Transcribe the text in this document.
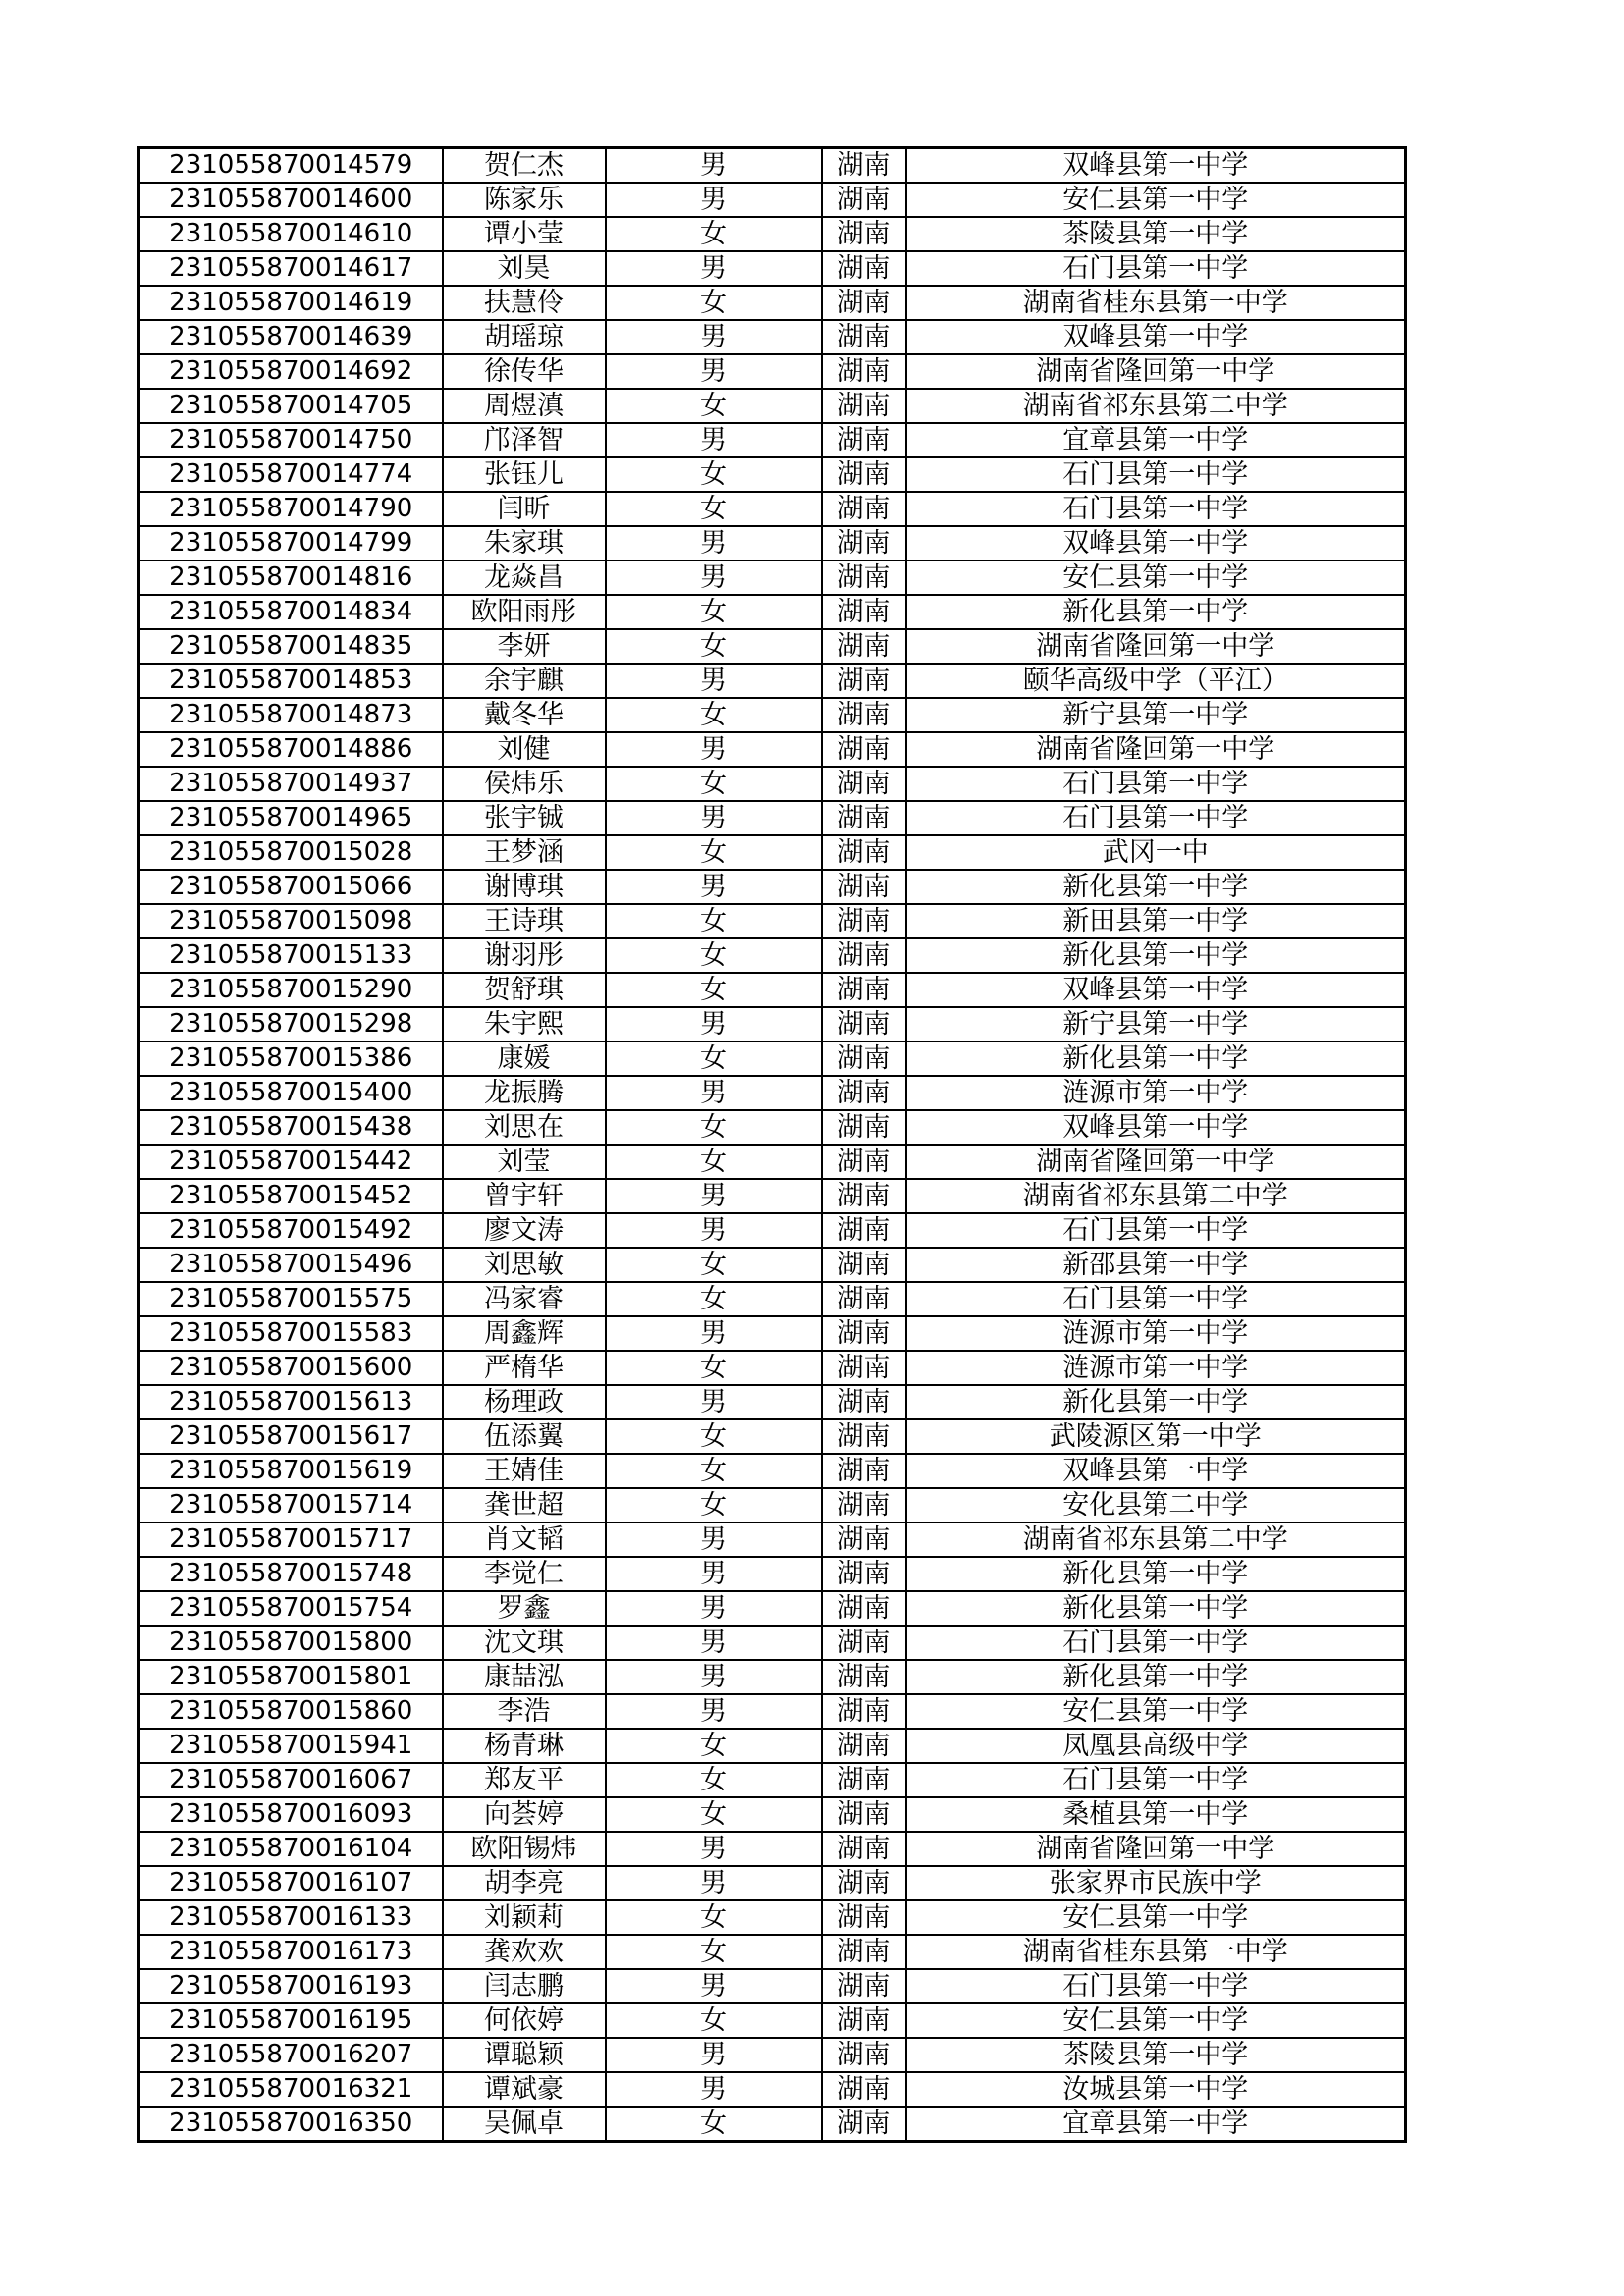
231055870014579	贺仁杰	男	湖南	双峰县第一中学
231055870014600	陈家乐	男	湖南	安仁县第一中学
231055870014610	谭小莹	女	湖南	茶陵县第一中学
231055870014617	刘昊	男	湖南	石门县第一中学
231055870014619	扶慧伶	女	湖南	湖南省桂东县第一中学
231055870014639	胡瑶琼	男	湖南	双峰县第一中学
231055870014692	徐传华	男	湖南	湖南省隆回第一中学
231055870014705	周煜滇	女	湖南	湖南省祁东县第二中学
231055870014750	邝泽智	男	湖南	宜章县第一中学
231055870014774	张钰儿	女	湖南	石门县第一中学
231055870014790	闫昕	女	湖南	石门县第一中学
231055870014799	朱家琪	男	湖南	双峰县第一中学
231055870014816	龙焱昌	男	湖南	安仁县第一中学
231055870014834	欧阳雨彤	女	湖南	新化县第一中学
231055870014835	李妍	女	湖南	湖南省隆回第一中学
231055870014853	余宇麒	男	湖南	颐华高级中学（平江）
231055870014873	戴冬华	女	湖南	新宁县第一中学
231055870014886	刘健	男	湖南	湖南省隆回第一中学
231055870014937	侯炜乐	女	湖南	石门县第一中学
231055870014965	张宇铖	男	湖南	石门县第一中学
231055870015028	王梦涵	女	湖南	武冈一中
231055870015066	谢博琪	男	湖南	新化县第一中学
231055870015098	王诗琪	女	湖南	新田县第一中学
231055870015133	谢羽彤	女	湖南	新化县第一中学
231055870015290	贺舒琪	女	湖南	双峰县第一中学
231055870015298	朱宇熙	男	湖南	新宁县第一中学
231055870015386	康媛	女	湖南	新化县第一中学
231055870015400	龙振腾	男	湖南	涟源市第一中学
231055870015438	刘思在	女	湖南	双峰县第一中学
231055870015442	刘莹	女	湖南	湖南省隆回第一中学
231055870015452	曾宇轩	男	湖南	湖南省祁东县第二中学
231055870015492	廖文涛	男	湖南	石门县第一中学
231055870015496	刘思敏	女	湖南	新邵县第一中学
231055870015575	冯家睿	女	湖南	石门县第一中学
231055870015583	周鑫辉	男	湖南	涟源市第一中学
231055870015600	严楕华	女	湖南	涟源市第一中学
231055870015613	杨理政	男	湖南	新化县第一中学
231055870015617	伍添翼	女	湖南	武陵源区第一中学
231055870015619	王婧佳	女	湖南	双峰县第一中学
231055870015714	龚世超	女	湖南	安化县第二中学
231055870015717	肖文韬	男	湖南	湖南省祁东县第二中学
231055870015748	李觉仁	男	湖南	新化县第一中学
231055870015754	罗鑫	男	湖南	新化县第一中学
231055870015800	沈文琪	男	湖南	石门县第一中学
231055870015801	康喆泓	男	湖南	新化县第一中学
231055870015860	李浩	男	湖南	安仁县第一中学
231055870015941	杨青琳	女	湖南	凤凰县高级中学
231055870016067	郑友平	女	湖南	石门县第一中学
231055870016093	向荟婷	女	湖南	桑植县第一中学
231055870016104	欧阳锡炜	男	湖南	湖南省隆回第一中学
231055870016107	胡李亮	男	湖南	张家界市民族中学
231055870016133	刘颖莉	女	湖南	安仁县第一中学
231055870016173	龚欢欢	女	湖南	湖南省桂东县第一中学
231055870016193	闫志鹏	男	湖南	石门县第一中学
231055870016195	何依婷	女	湖南	安仁县第一中学
231055870016207	谭聪颖	男	湖南	茶陵县第一中学
231055870016321	谭斌豪	男	湖南	汝城县第一中学
231055870016350	吴佩卓	女	湖南	宜章县第一中学
